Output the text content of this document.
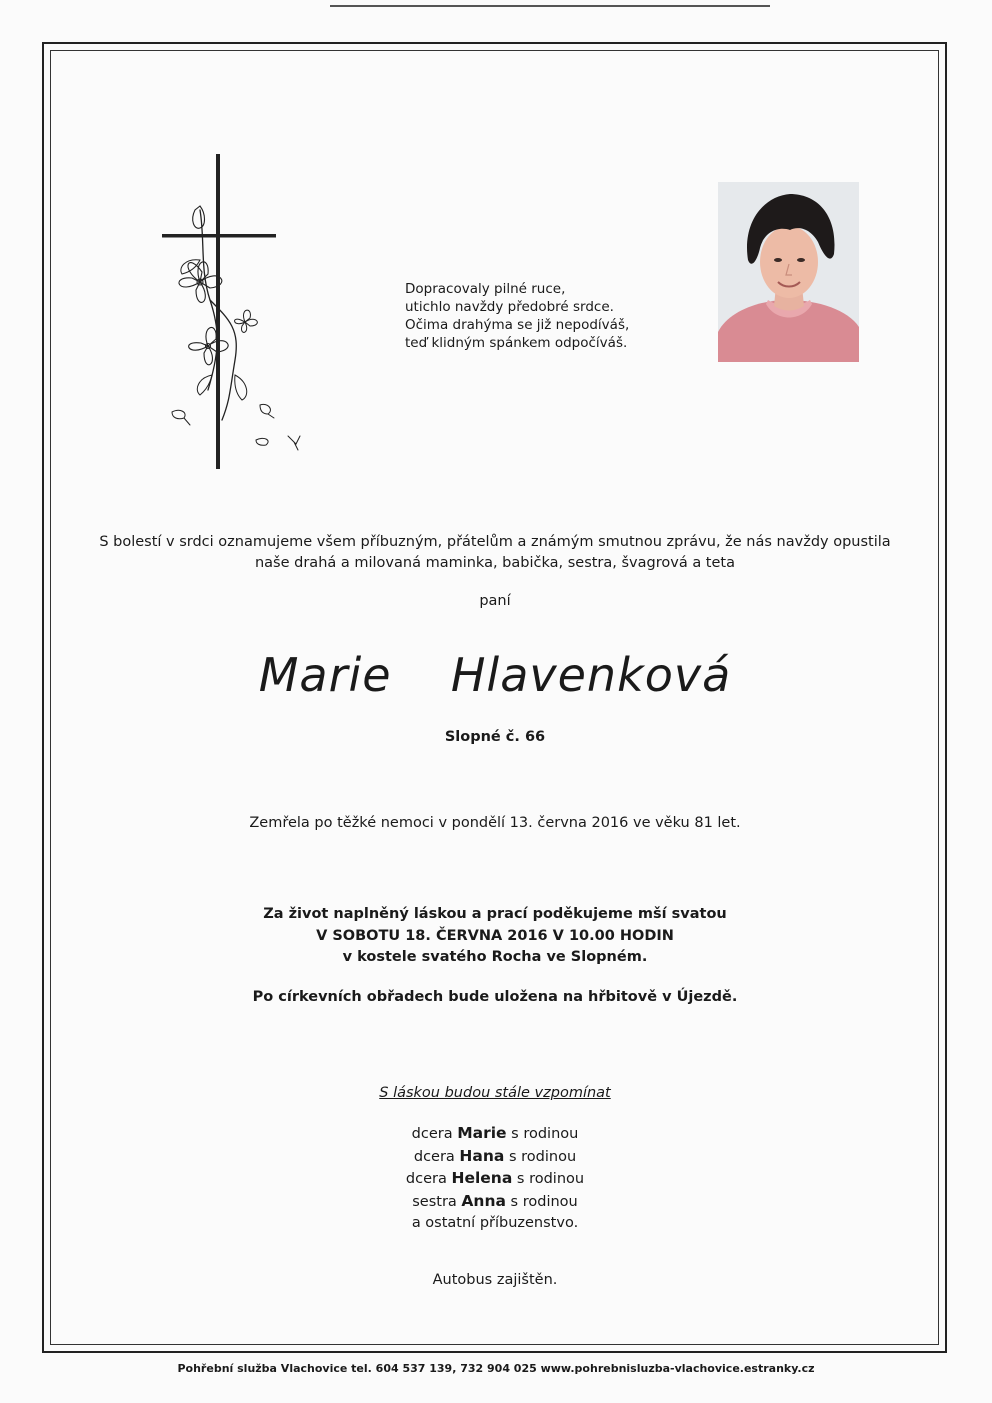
Dopracovaly pilné ruce,
utichlo navždy předobré srdce.
Očima drahýma se již nepodíváš,
teď klidným spánkem odpočíváš.
S bolestí v srdci oznamujeme všem příbuzným, přátelům a známým smutnou zprávu, že nás navždy opustila
naše drahá a milovaná maminka, babička, sestra, švagrová a teta
paní
Marie  Hlavenková
Slopné č. 66
Zemřela po těžké nemoci v pondělí 13. června 2016 ve věku 81 let.
Za život naplněný láskou a prací poděkujeme mší svatou
V SOBOTU 18. ČERVNA 2016 V 10.00 HODIN
v kostele svatého Rocha ve Slopném.
Po církevních obřadech bude uložena na hřbitově v Újezdě.
S láskou budou stále vzpomínat
dcera Marie s rodinou
dcera Hana s rodinou
dcera Helena s rodinou
sestra Anna s rodinou
a ostatní příbuzenstvo.
Autobus zajištěn.
Pohřební služba Vlachovice tel. 604 537 139, 732 904 025 www.pohrebnisluzba-vlachovice.estranky.cz
